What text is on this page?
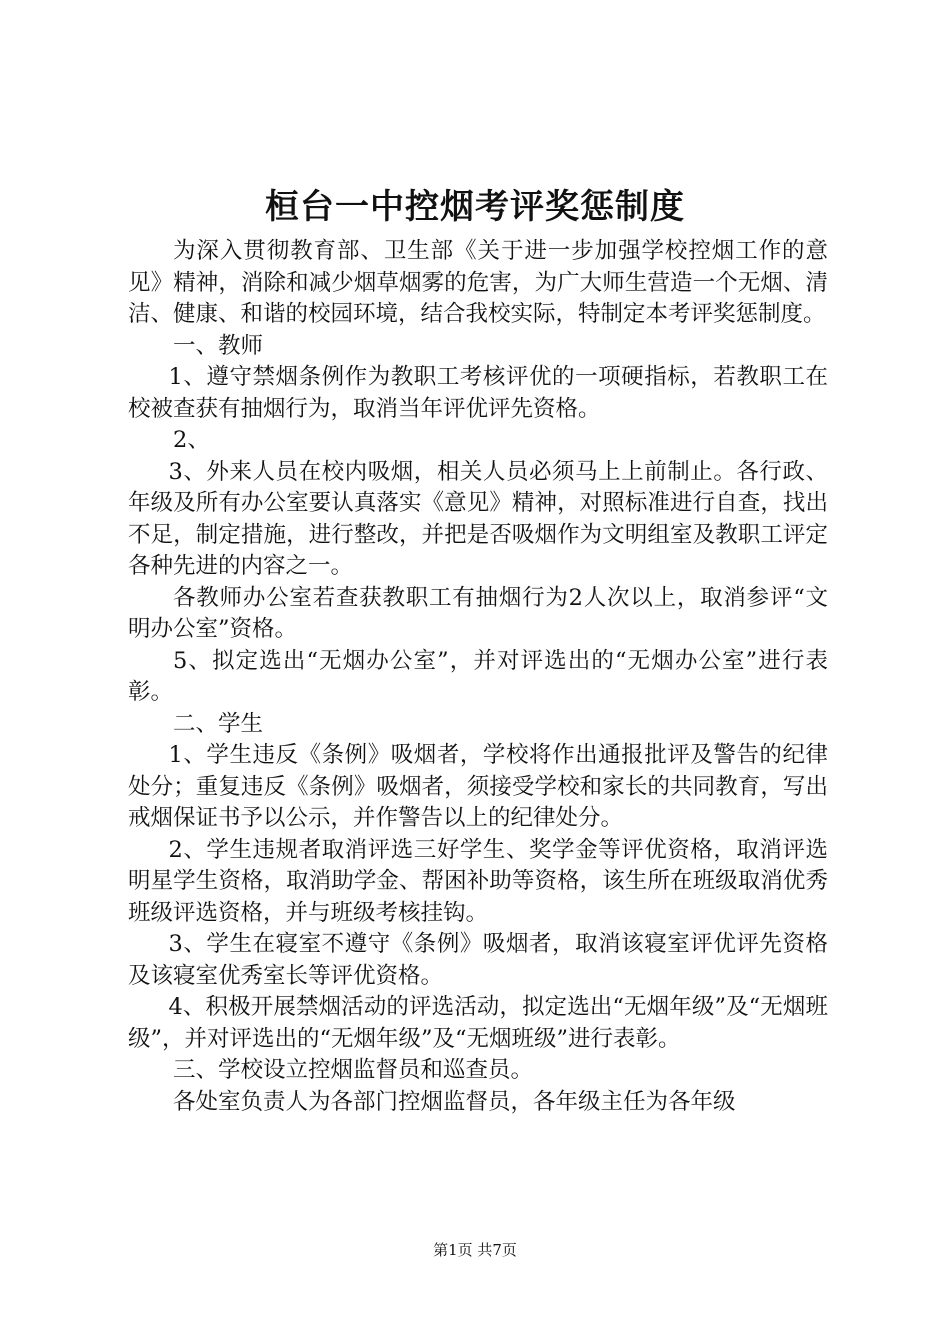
桓台一中控烟考评奖惩制度

为深入贯彻教育部、卫生部《关于进一步加强学校控烟工作的意见》精神，消除和减少烟草烟雾的危害，为广大师生营造一个无烟、清洁、健康、和谐的校园环境，结合我校实际，特制定本考评奖惩制度。

一、教师

1、遵守禁烟条例作为教职工考核评优的一项硬指标，若教职工在校被查获有抽烟行为，取消当年评优评先资格。

2、

3、外来人员在校内吸烟，相关人员必须马上上前制止。各行政、年级及所有办公室要认真落实《意见》精神，对照标准进行自查，找出不足，制定措施，进行整改，并把是否吸烟作为文明组室及教职工评定各种先进的内容之一。

各教师办公室若查获教职工有抽烟行为2人次以上，取消参评“文明办公室”资格。

5、拟定选出“无烟办公室”，并对评选出的“无烟办公室”进行表彰。

二、学生

1、学生违反《条例》吸烟者，学校将作出通报批评及警告的纪律处分；重复违反《条例》吸烟者，须接受学校和家长的共同教育，写出戒烟保证书予以公示，并作警告以上的纪律处分。

2、学生违规者取消评选三好学生、奖学金等评优资格，取消评选明星学生资格，取消助学金、帮困补助等资格，该生所在班级取消优秀班级评选资格，并与班级考核挂钩。

3、学生在寝室不遵守《条例》吸烟者，取消该寝室评优评先资格及该寝室优秀室长等评优资格。

4、积极开展禁烟活动的评选活动，拟定选出“无烟年级”及“无烟班级”，并对评选出的“无烟年级”及“无烟班级”进行表彰。

三、学校设立控烟监督员和巡查员。

各处室负责人为各部门控烟监督员，各年级主任为各年级

第1页 共7页
